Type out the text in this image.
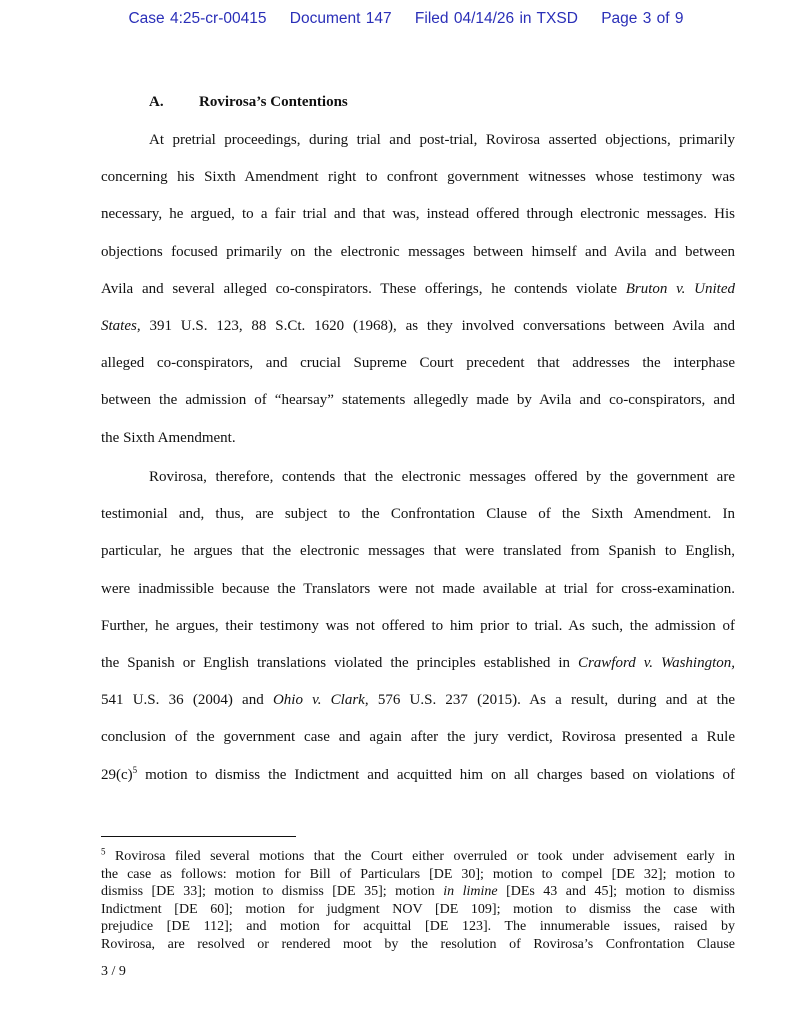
Case 4:25-cr-00415 Document 147 Filed 04/14/26 in TXSD Page 3 of 9
A. Rovirosa’s Contentions
At pretrial proceedings, during trial and post-trial, Rovirosa asserted objections, primarily
concerning his Sixth Amendment right to confront government witnesses whose testimony was
necessary, he argued, to a fair trial and that was, instead offered through electronic messages. His
objections focused primarily on the electronic messages between himself and Avila and between
Avila and several alleged co-conspirators. These offerings, he contends violate Bruton v. United
States, 391 U.S. 123, 88 S.Ct. 1620 (1968), as they involved conversations between Avila and
alleged co-conspirators, and crucial Supreme Court precedent that addresses the interphase
between the admission of “hearsay” statements allegedly made by Avila and co-conspirators, and
the Sixth Amendment.
Rovirosa, therefore, contends that the electronic messages offered by the government are
testimonial and, thus, are subject to the Confrontation Clause of the Sixth Amendment. In
particular, he argues that the electronic messages that were translated from Spanish to English,
were inadmissible because the Translators were not made available at trial for cross-examination.
Further, he argues, their testimony was not offered to him prior to trial. As such, the admission of
the Spanish or English translations violated the principles established in Crawford v. Washington,
541 U.S. 36 (2004) and Ohio v. Clark, 576 U.S. 237 (2015). As a result, during and at the
conclusion of the government case and again after the jury verdict, Rovirosa presented a Rule
$29(c)^5$ motion to dismiss the Indictment and acquitted him on all charges based on violations of
$^5$ Rovirosa filed several motions that the Court either overruled or took under advisement early in
the case as follows: motion for Bill of Particulars [DE 30]; motion to compel [DE 32]; motion to
dismiss [DE 33]; motion to dismiss [DE 35]; motion in limine [DEs 43 and 45]; motion to dismiss
Indictment [DE 60]; motion for judgment NOV [DE 109]; motion to dismiss the case with
prejudice [DE 112]; and motion for acquittal [DE 123]. The innumerable issues, raised by
Rovirosa, are resolved or rendered moot by the resolution of Rovirosa’s Confrontation Clause
3 / 9
